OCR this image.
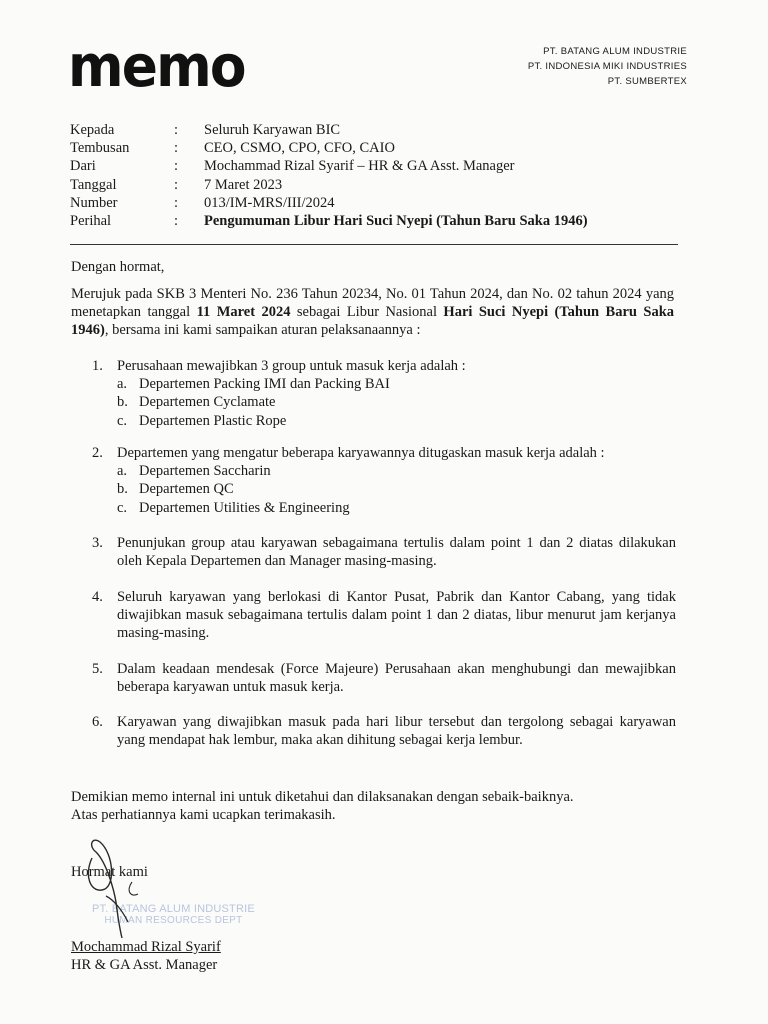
memo	PT. BATANG ALUM INDUSTRIE
PT. INDONESIA MIKI INDUSTRIES
PT. SUMBERTEX
Kepada	:	Seluruh Karyawan BIC
Tembusan	:	CEO, CSMO, CPO, CFO, CAIO
Dari	:	Mochammad Rizal Syarif – HR & GA Asst. Manager
Tanggal	:	7 Maret 2023
Number	:	013/IM-MRS/III/2024
Perihal	:	Pengumuman Libur Hari Suci Nyepi (Tahun Baru Saka 1946)
Dengan hormat,
Merujuk pada SKB 3 Menteri No. 236 Tahun 20234, No. 01 Tahun 2024, dan No. 02 tahun 2024 yang menetapkan tanggal 11 Maret 2024 sebagai Libur Nasional Hari Suci Nyepi (Tahun Baru Saka 1946), bersama ini kami sampaikan aturan pelaksanaannya :
1. Perusahaan mewajibkan 3 group untuk masuk kerja adalah :
a. Departemen Packing IMI dan Packing BAI
b. Departemen Cyclamate
c. Departemen Plastic Rope
2. Departemen yang mengatur beberapa karyawannya ditugaskan masuk kerja adalah :
a. Departemen Saccharin
b. Departemen QC
c. Departemen Utilities & Engineering
3. Penunjukan group atau karyawan sebagaimana tertulis dalam point 1 dan 2 diatas dilakukan oleh Kepala Departemen dan Manager masing-masing.
4. Seluruh karyawan yang berlokasi di Kantor Pusat, Pabrik dan Kantor Cabang, yang tidak diwajibkan masuk sebagaimana tertulis dalam point 1 dan 2 diatas, libur menurut jam kerjanya masing-masing.
5. Dalam keadaan mendesak (Force Majeure) Perusahaan akan menghubungi dan mewajibkan beberapa karyawan untuk masuk kerja.
6. Karyawan yang diwajibkan masuk pada hari libur tersebut dan tergolong sebagai karyawan yang mendapat hak lembur, maka akan dihitung sebagai kerja lembur.
Demikian memo internal ini untuk diketahui dan dilaksanakan dengan sebaik-baiknya.
Atas perhatiannya kami ucapkan terimakasih.
PT. BATANG ALUM INDUSTRIE
HUMAN RESOURCES DEPT
Hormat kami
Mochammad Rizal Syarif
HR & GA Asst. Manager
